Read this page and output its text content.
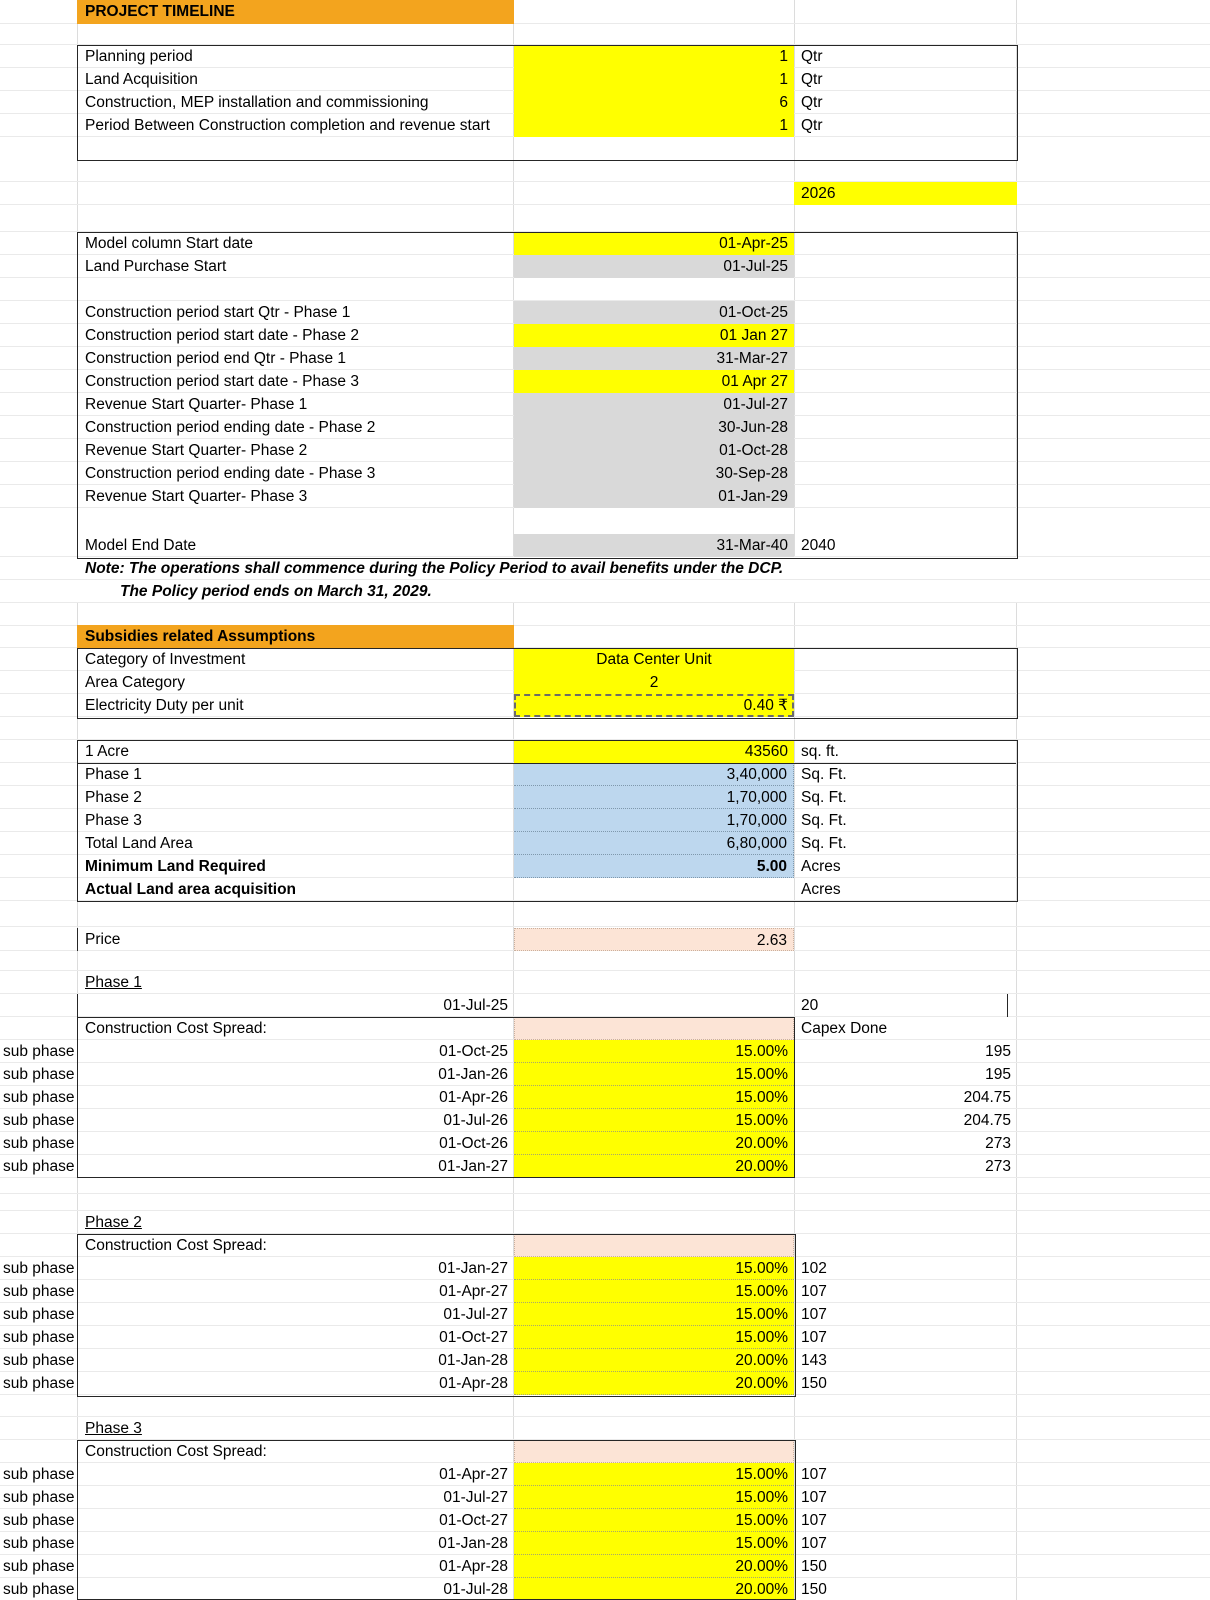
PROJECT TIMELINE
Planning period	1 Qtr
Land Acquisition	1 Qtr
Construction, MEP installation and commissioning	6 Qtr
Period Between Construction completion and revenue start	1 Qtr
2026
Model column Start date	01-Apr-25
Land Purchase Start	01-Jul-25
Construction period start Qtr - Phase 1	01-Oct-25
Construction period start date - Phase 2	01 Jan 27
Construction period end Qtr - Phase 1	31-Mar-27
Construction period start date - Phase 3	01 Apr 27
Revenue Start Quarter- Phase 1	01-Jul-27
Construction period ending date - Phase 2	30-Jun-28
Revenue Start Quarter- Phase 2	01-Oct-28
Construction period ending date - Phase 3	30-Sep-28
Revenue Start Quarter- Phase 3	01-Jan-29
Model End Date	31-Mar-40 2040
Note: The operations shall commence during the Policy Period to avail benefits under the DCP.
The Policy period ends on March 31, 2029.
Subsidies related Assumptions
Category of Investment	Data Center Unit
Area Category	2
Electricity Duty per unit	0.40 ₹
1 Acre	43560 sq. ft.
Phase 1	3,40,000 Sq. Ft.
Phase 2	1,70,000 Sq. Ft.
Phase 3	1,70,000 Sq. Ft.
Total Land Area	6,80,000 Sq. Ft.
Minimum Land Required	5.00 Acres
Actual Land area acquisition	Acres
Price	2.63
Phase 1
01-Jul-25	20
Construction Cost Spread:	Capex Done
sub phase	01-Oct-25	15.00%	195
sub phase	01-Jan-26	15.00%	195
sub phase	01-Apr-26	15.00%	204.75
sub phase	01-Jul-26	15.00%	204.75
sub phase	01-Oct-26	20.00%	273
sub phase	01-Jan-27	20.00%	273
Phase 2
Construction Cost Spread:
sub phase	01-Jan-27	15.00% 102
sub phase	01-Apr-27	15.00% 107
sub phase	01-Jul-27	15.00% 107
sub phase	01-Oct-27	15.00% 107
sub phase	01-Jan-28	20.00% 143
sub phase	01-Apr-28	20.00% 150
Phase 3
Construction Cost Spread:
sub phase	01-Apr-27	15.00% 107
sub phase	01-Jul-27	15.00% 107
sub phase	01-Oct-27	15.00% 107
sub phase	01-Jan-28	15.00% 107
sub phase	01-Apr-28	20.00% 150
sub phase	01-Jul-28	20.00% 150
